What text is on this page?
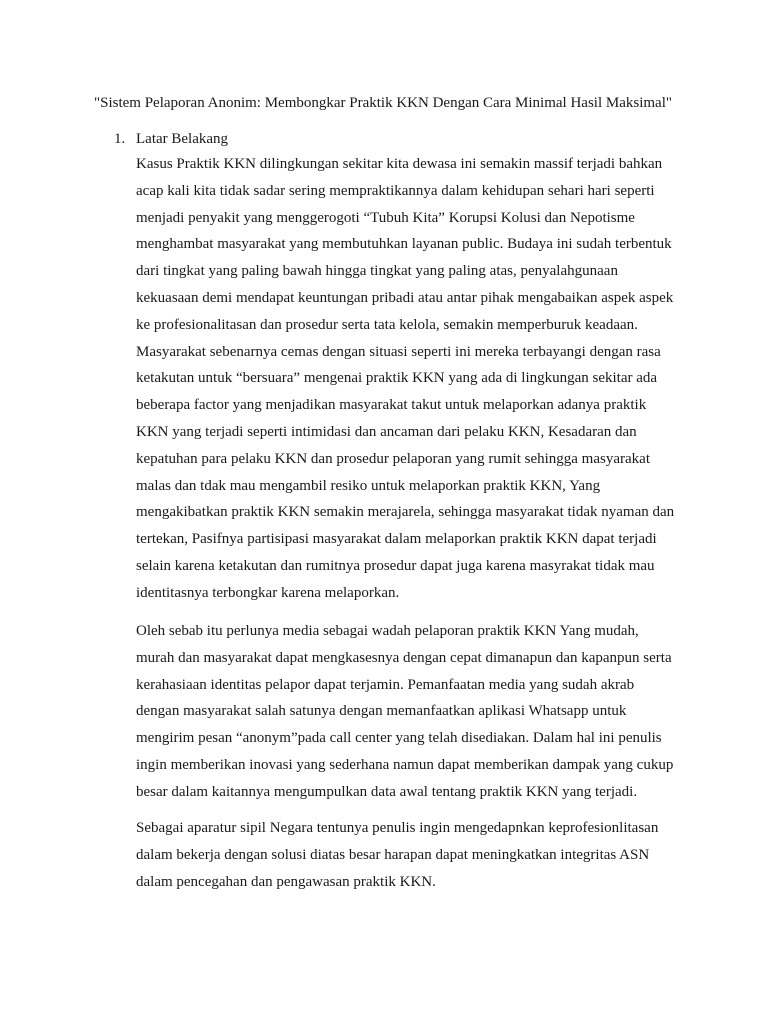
"Sistem Pelaporan Anonim: Membongkar Praktik KKN Dengan Cara Minimal Hasil Maksimal"
1. Latar Belakang
Kasus Praktik KKN dilingkungan sekitar kita dewasa ini semakin massif terjadi bahkan
acap kali kita tidak sadar sering mempraktikannya dalam kehidupan sehari hari seperti
menjadi penyakit yang menggerogoti “Tubuh Kita” Korupsi Kolusi dan Nepotisme
menghambat masyarakat yang membutuhkan layanan public. Budaya ini sudah terbentuk
dari tingkat yang paling bawah hingga tingkat yang paling atas, penyalahgunaan
kekuasaan demi mendapat keuntungan pribadi atau antar pihak mengabaikan aspek aspek
ke profesionalitasan dan prosedur serta tata kelola, semakin memperburuk keadaan.
Masyarakat sebenarnya cemas dengan situasi seperti ini mereka terbayangi dengan rasa
ketakutan untuk “bersuara” mengenai praktik KKN yang ada di lingkungan sekitar ada
beberapa factor yang menjadikan masyarakat takut untuk melaporkan adanya praktik
KKN yang terjadi seperti intimidasi dan ancaman dari pelaku KKN, Kesadaran dan
kepatuhan para pelaku KKN dan prosedur pelaporan yang rumit sehingga masyarakat
malas dan tdak mau mengambil resiko untuk melaporkan praktik KKN, Yang
mengakibatkan praktik KKN semakin merajarela, sehingga masyarakat tidak nyaman dan
tertekan, Pasifnya partisipasi masyarakat dalam melaporkan praktik KKN dapat terjadi
selain karena ketakutan dan rumitnya prosedur dapat juga karena masyrakat tidak mau
identitasnya terbongkar karena melaporkan.
Oleh sebab itu perlunya media sebagai wadah pelaporan praktik KKN Yang mudah,
murah dan masyarakat dapat mengkasesnya dengan cepat dimanapun dan kapanpun serta
kerahasiaan identitas pelapor dapat terjamin. Pemanfaatan media yang sudah akrab
dengan masyarakat salah satunya dengan memanfaatkan aplikasi Whatsapp untuk
mengirim pesan “anonym”pada call center yang telah disediakan. Dalam hal ini penulis
ingin memberikan inovasi yang sederhana namun dapat memberikan dampak yang cukup
besar dalam kaitannya mengumpulkan data awal tentang praktik KKN yang terjadi.
Sebagai aparatur sipil Negara tentunya penulis ingin mengedapnkan keprofesionlitasan
dalam bekerja dengan solusi diatas besar harapan dapat meningkatkan integritas ASN
dalam pencegahan dan pengawasan praktik KKN.
